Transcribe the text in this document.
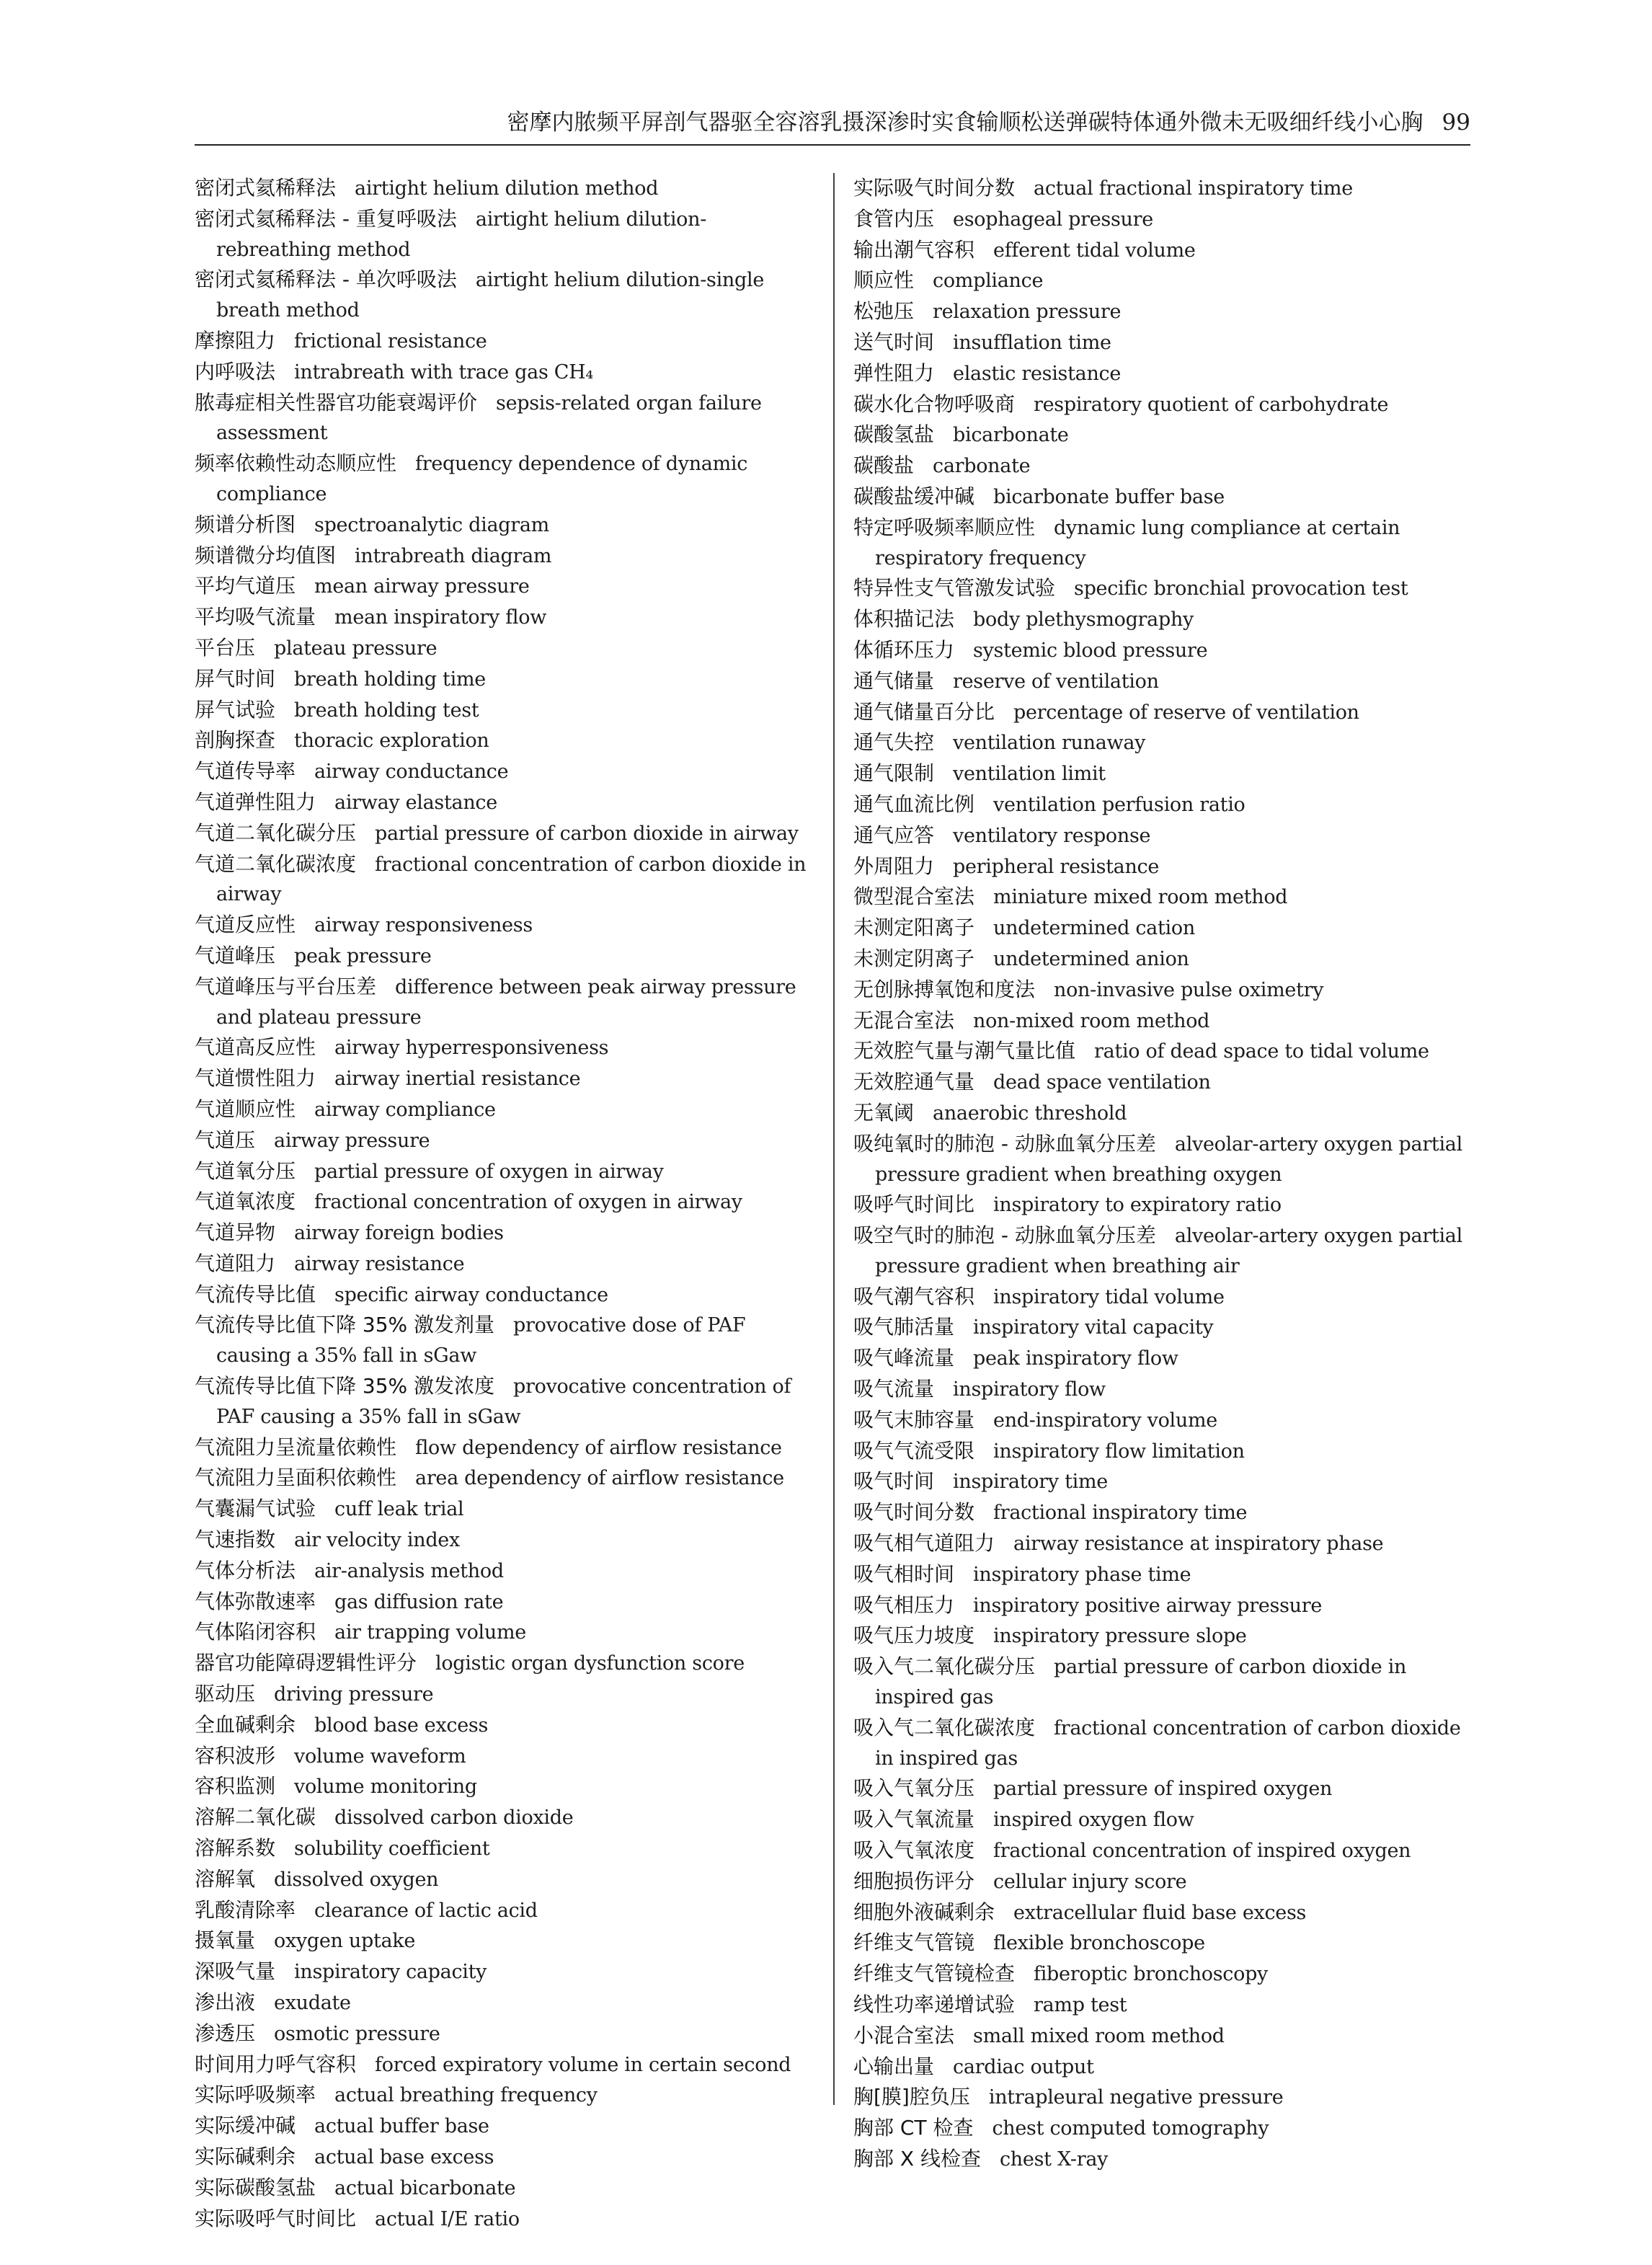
密摩内脓频平屏剖气器驱全容溶乳摄深渗时实食输顺松送弹碳特体通外微未无吸细纤线小心胸 99
密闭式氦稀释法 airtight helium dilution method
密闭式氦稀释法 - 重复呼吸法 airtight helium dilution-rebreathing method
密闭式氦稀释法 - 单次呼吸法 airtight helium dilution-single breath method
摩擦阻力 frictional resistance
内呼吸法 intrabreath with trace gas CH₄
脓毒症相关性器官功能衰竭评价 sepsis-related organ failure assessment
频率依赖性动态顺应性 frequency dependence of dynamic compliance
频谱分析图 spectroanalytic diagram
频谱微分均值图 intrabreath diagram
平均气道压 mean airway pressure
平均吸气流量 mean inspiratory flow
平台压 plateau pressure
屏气时间 breath holding time
屏气试验 breath holding test
剖胸探查 thoracic exploration
气道传导率 airway conductance
气道弹性阻力 airway elastance
气道二氧化碳分压 partial pressure of carbon dioxide in airway
气道二氧化碳浓度 fractional concentration of carbon dioxide in airway
气道反应性 airway responsiveness
气道峰压 peak pressure
气道峰压与平台压差 difference between peak airway pressure and plateau pressure
气道高反应性 airway hyperresponsiveness
气道惯性阻力 airway inertial resistance
气道顺应性 airway compliance
气道压 airway pressure
气道氧分压 partial pressure of oxygen in airway
气道氧浓度 fractional concentration of oxygen in airway
气道异物 airway foreign bodies
气道阻力 airway resistance
气流传导比值 specific airway conductance
气流传导比值下降 35% 激发剂量 provocative dose of PAF causing a 35% fall in sGaw
气流传导比值下降 35% 激发浓度 provocative concentration of PAF causing a 35% fall in sGaw
气流阻力呈流量依赖性 flow dependency of airflow resistance
气流阻力呈面积依赖性 area dependency of airflow resistance
气囊漏气试验 cuff leak trial
气速指数 air velocity index
气体分析法 air-analysis method
气体弥散速率 gas diffusion rate
气体陷闭容积 air trapping volume
器官功能障碍逻辑性评分 logistic organ dysfunction score
驱动压 driving pressure
全血碱剩余 blood base excess
容积波形 volume waveform
容积监测 volume monitoring
溶解二氧化碳 dissolved carbon dioxide
溶解系数 solubility coefficient
溶解氧 dissolved oxygen
乳酸清除率 clearance of lactic acid
摄氧量 oxygen uptake
深吸气量 inspiratory capacity
渗出液 exudate
渗透压 osmotic pressure
时间用力呼气容积 forced expiratory volume in certain second
实际呼吸频率 actual breathing frequency
实际缓冲碱 actual buffer base
实际碱剩余 actual base excess
实际碳酸氢盐 actual bicarbonate
实际吸呼气时间比 actual I/E ratio
实际吸气时间分数 actual fractional inspiratory time
食管内压 esophageal pressure
输出潮气容积 efferent tidal volume
顺应性 compliance
松弛压 relaxation pressure
送气时间 insufflation time
弹性阻力 elastic resistance
碳水化合物呼吸商 respiratory quotient of carbohydrate
碳酸氢盐 bicarbonate
碳酸盐 carbonate
碳酸盐缓冲碱 bicarbonate buffer base
特定呼吸频率顺应性 dynamic lung compliance at certain respiratory frequency
特异性支气管激发试验 specific bronchial provocation test
体积描记法 body plethysmography
体循环压力 systemic blood pressure
通气储量 reserve of ventilation
通气储量百分比 percentage of reserve of ventilation
通气失控 ventilation runaway
通气限制 ventilation limit
通气血流比例 ventilation perfusion ratio
通气应答 ventilatory response
外周阻力 peripheral resistance
微型混合室法 miniature mixed room method
未测定阳离子 undetermined cation
未测定阴离子 undetermined anion
无创脉搏氧饱和度法 non-invasive pulse oximetry
无混合室法 non-mixed room method
无效腔气量与潮气量比值 ratio of dead space to tidal volume
无效腔通气量 dead space ventilation
无氧阈 anaerobic threshold
吸纯氧时的肺泡 - 动脉血氧分压差 alveolar-artery oxygen partial pressure gradient when breathing oxygen
吸呼气时间比 inspiratory to expiratory ratio
吸空气时的肺泡 - 动脉血氧分压差 alveolar-artery oxygen partial pressure gradient when breathing air
吸气潮气容积 inspiratory tidal volume
吸气肺活量 inspiratory vital capacity
吸气峰流量 peak inspiratory flow
吸气流量 inspiratory flow
吸气末肺容量 end-inspiratory volume
吸气气流受限 inspiratory flow limitation
吸气时间 inspiratory time
吸气时间分数 fractional inspiratory time
吸气相气道阻力 airway resistance at inspiratory phase
吸气相时间 inspiratory phase time
吸气相压力 inspiratory positive airway pressure
吸气压力坡度 inspiratory pressure slope
吸入气二氧化碳分压 partial pressure of carbon dioxide in inspired gas
吸入气二氧化碳浓度 fractional concentration of carbon dioxide in inspired gas
吸入气氧分压 partial pressure of inspired oxygen
吸入气氧流量 inspired oxygen flow
吸入气氧浓度 fractional concentration of inspired oxygen
细胞损伤评分 cellular injury score
细胞外液碱剩余 extracellular fluid base excess
纤维支气管镜 flexible bronchoscope
纤维支气管镜检查 fiberoptic bronchoscopy
线性功率递增试验 ramp test
小混合室法 small mixed room method
心输出量 cardiac output
胸[膜]腔负压 intrapleural negative pressure
胸部 CT 检查 chest computed tomography
胸部 X 线检查 chest X-ray
